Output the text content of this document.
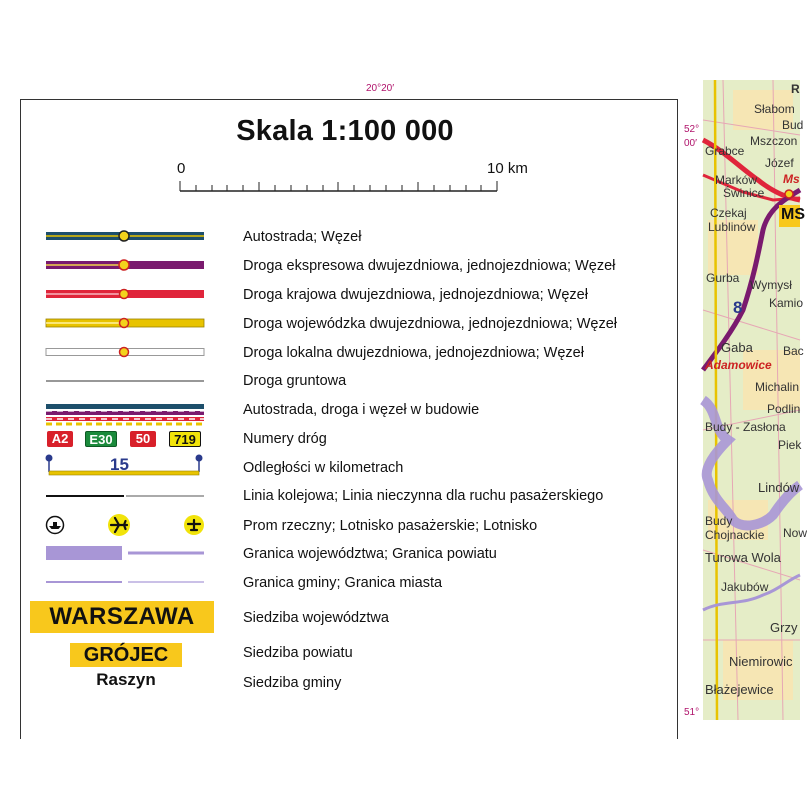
20°20′
52°
00′
51°
Skala 1:100 000
0	10 km
A2	E30	50	719
15
WARSZAWA
GRÓJEC
Raszyn
Autostrada; Węzeł
Droga ekspresowa dwujezdniowa, jednojezdniowa; Węzeł
Droga krajowa dwujezdniowa, jednojezdniowa; Węzeł
Droga wojewódzka dwujezdniowa, jednojezdniowa; Węzeł
Droga lokalna dwujezdniowa, jednojezdniowa; Węzeł
Droga gruntowa
Autostrada, droga i węzeł w budowie
Numery dróg
Odległości w kilometrach
Linia kolejowa; Linia nieczynna dla ruchu pasażerskiego
Prom rzeczny; Lotnisko pasażerskie; Lotnisko
Granica województwa; Granica powiatu
Granica gminy; Granica miasta
Siedziba województwa
Siedziba powiatu
Siedziba gminy
Słabom
Bud
Mszczon
Grabce
Józef
Marków
Świnice
Ms
Czekaj
Lublinów
MS
Gurba Wymysł
Kamio
8
Gaba	Bac
Adamowice
Michalin
Podlin
Budy - Zasłona
Piek
Lindów
Budy
Chojnackie Now
Turowa Wola
Jakubów
Grzy
Niemirowic
Błażejewice
R
